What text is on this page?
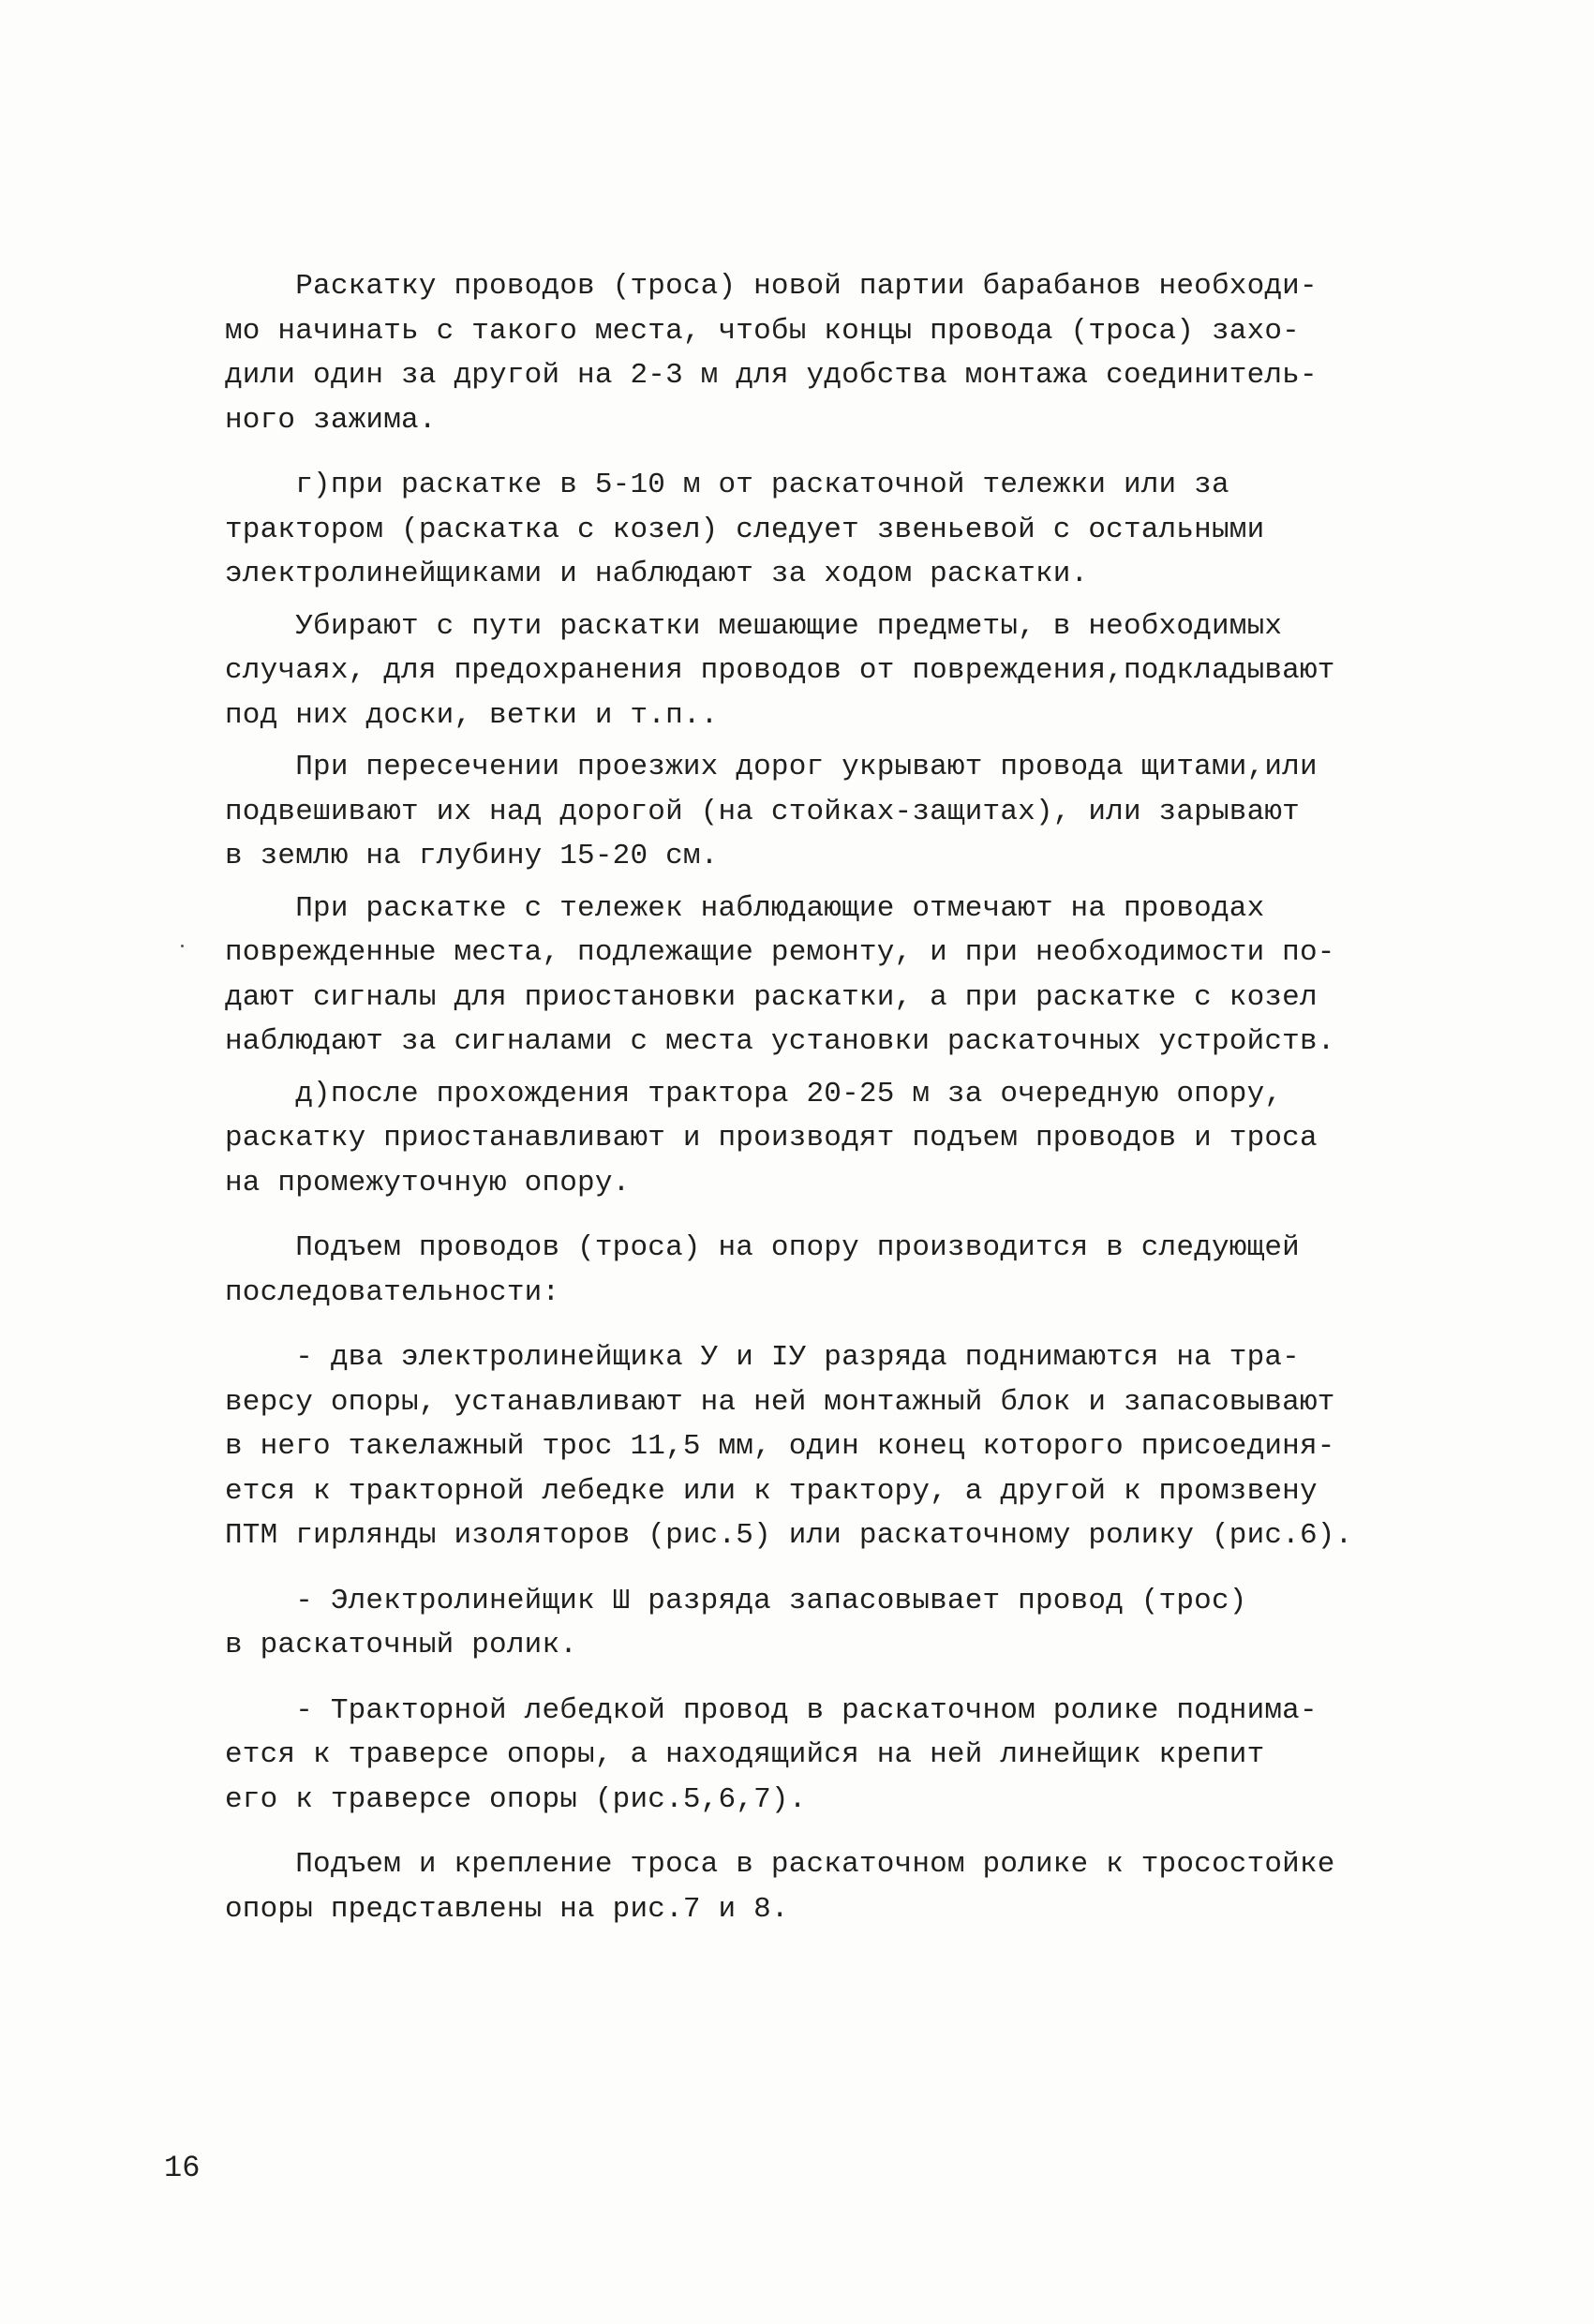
Раскатку проводов (троса) новой партии барабанов необходи-
мо начинать с такого места, чтобы концы провода (троса) захо-
дили один за другой на 2-3 м для удобства монтажа соединитель-
ного зажима.
г)при раскатке в 5-10 м от раскаточной тележки или за
трактором (раскатка с козел) следует звеньевой с остальными
электролинейщиками и наблюдают за ходом раскатки.
Убирают с пути раскатки мешающие предметы, в необходимых
случаях, для предохранения проводов от повреждения,подкладывают
под них доски, ветки и т.п..
При пересечении проезжих дорог укрывают провода щитами,или
подвешивают их над дорогой (на стойках-защитах), или зарывают
в землю на глубину 15-20 см.
При раскатке с тележек наблюдающие отмечают на проводах
поврежденные места, подлежащие ремонту, и при необходимости по-
дают сигналы для приостановки раскатки, а при раскатке с козел
наблюдают за сигналами с места установки раскаточных устройств.
д)после прохождения трактора 20-25 м за очередную опору,
раскатку приостанавливают и производят подъем проводов и троса
на промежуточную опору.
Подъем проводов (троса) на опору производится в следующей
последовательности:
- два электролинейщика У и IУ разряда поднимаются на тра-
версу опоры, устанавливают на ней монтажный блок и запасовывают
в него такелажный трос 11,5 мм, один конец которого присоединя-
ется к тракторной лебедке или к трактору, а другой к промзвену
ПТМ гирлянды изоляторов (рис.5) или раскаточному ролику (рис.6).
- Электролинейщик Ш разряда запасовывает провод (трос)
в раскаточный ролик.
- Тракторной лебедкой провод в раскаточном ролике поднима-
ется к траверсе опоры, а находящийся на ней линейщик крепит
его к траверсе опоры (рис.5,6,7).
Подъем и крепление троса в раскаточном ролике к тросостойке
опоры представлены на рис.7 и 8.
16
